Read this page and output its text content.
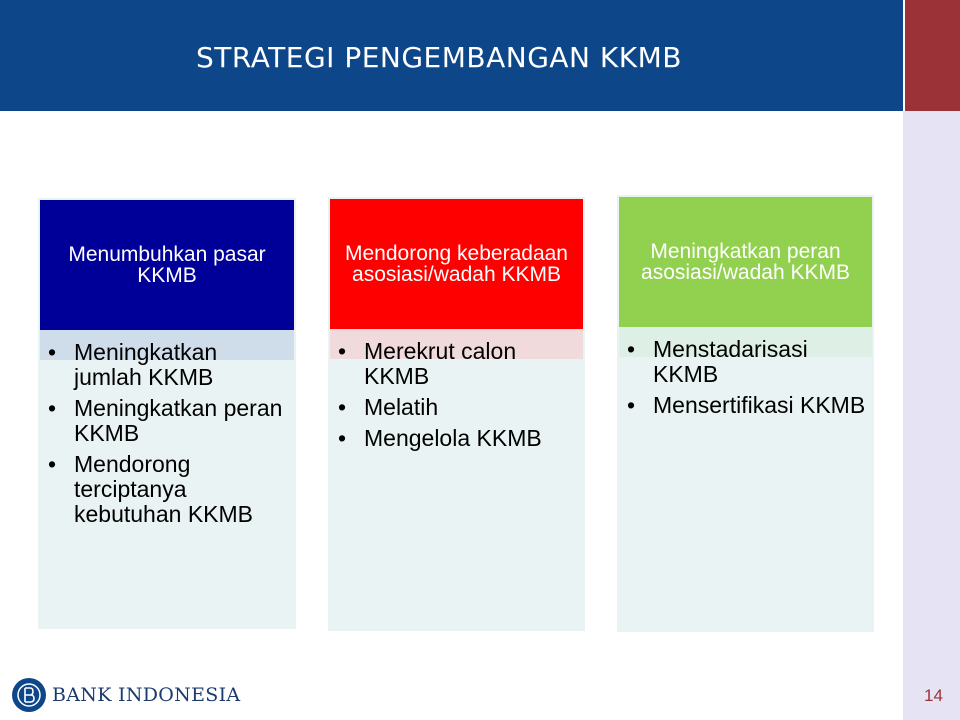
STRATEGI PENGEMBANGAN KKMB
Menumbuhkan pasar KKMB
• Meningkatkan jumlah KKMB
• Meningkatkan peran KKMB
• Mendorong terciptanya kebutuhan KKMB
Mendorong keberadaan asosiasi/wadah KKMB
• Merekrut calon KKMB
• Melatih
• Mengelola KKMB
Meningkatkan peran asosiasi/wadah KKMB
• Menstadarisasi KKMB
• Mensertifikasi KKMB
BANK INDONESIA	14
